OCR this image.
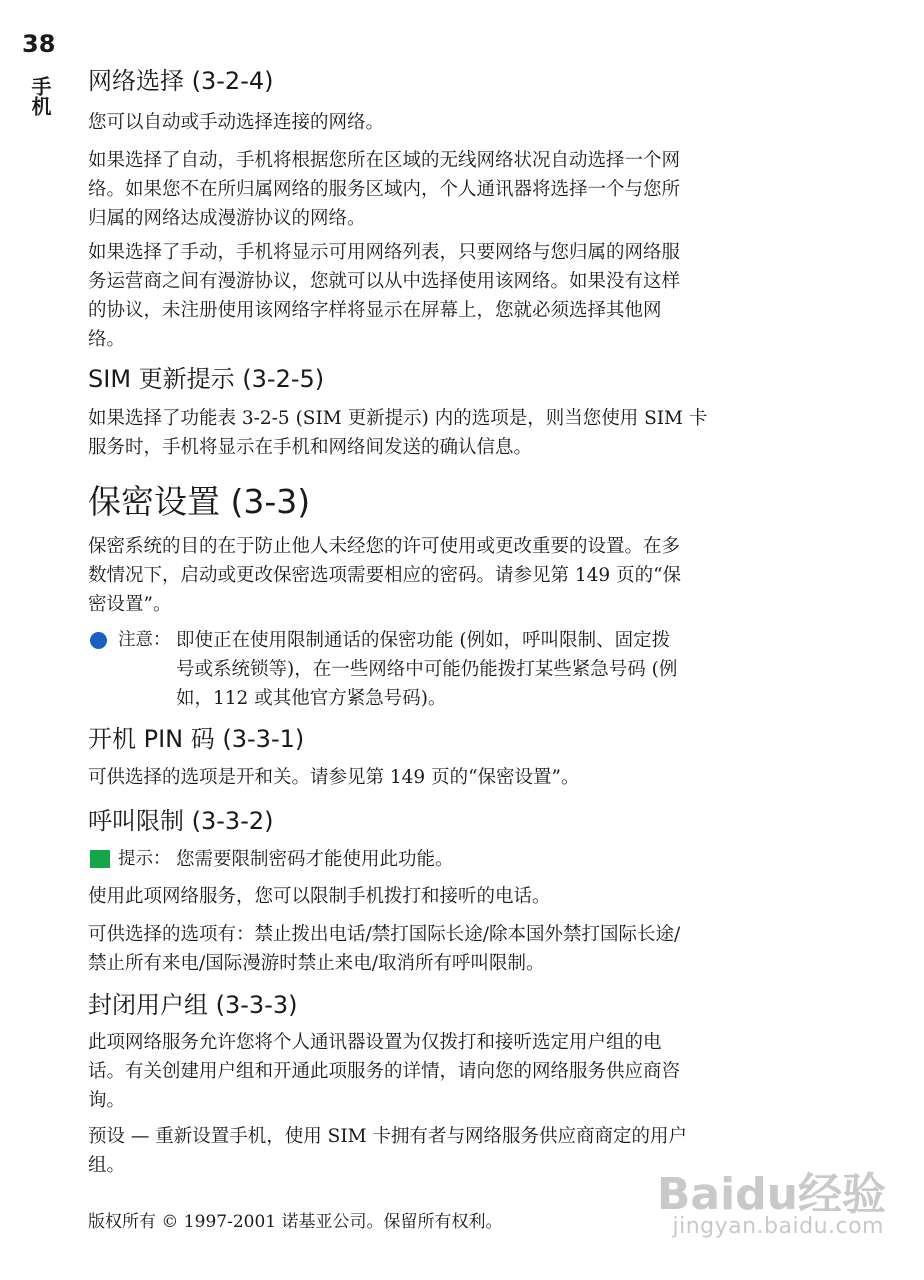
38
手机 网络选择 (3-2-4)
您可以自动或手动选择连接的网络。
如果选择了自动，手机将根据您所在区域的无线网络状况自动选择一个网
络。如果您不在所归属网络的服务区域内，个人通讯器将选择一个与您所
归属的网络达成漫游协议的网络。
如果选择了手动，手机将显示可用网络列表，只要网络与您归属的网络服
务运营商之间有漫游协议，您就可以从中选择使用该网络。如果没有这样
的协议，未注册使用该网络字样将显示在屏幕上，您就必须选择其他网
络。
SIM 更新提示 (3-2-5)
如果选择了功能表 3-2-5 (SIM 更新提示) 内的选项是，则当您使用 SIM 卡
服务时，手机将显示在手机和网络间发送的确认信息。
保密设置 (3-3)
保密系统的目的在于防止他人未经您的许可使用或更改重要的设置。在多
数情况下，启动或更改保密选项需要相应的密码。请参见第 149 页的“保
密设置”。
注意： 即使正在使用限制通话的保密功能 (例如，呼叫限制、固定拨
号或系统锁等)，在一些网络中可能仍能拨打某些紧急号码 (例
如，112 或其他官方紧急号码)。
开机 PIN 码 (3-3-1)
可供选择的选项是开和关。请参见第 149 页的“保密设置”。
呼叫限制 (3-3-2)
提示： 您需要限制密码才能使用此功能。
使用此项网络服务，您可以限制手机拨打和接听的电话。
可供选择的选项有：禁止拨出电话/禁打国际长途/除本国外禁打国际长途/
禁止所有来电/国际漫游时禁止来电/取消所有呼叫限制。
封闭用户组 (3-3-3)
此项网络服务允许您将个人通讯器设置为仅拨打和接听选定用户组的电
话。有关创建用户组和开通此项服务的详情，请向您的网络服务供应商咨
询。
预设 — 重新设置手机，使用 SIM 卡拥有者与网络服务供应商商定的用户
组。
版权所有 © 1997-2001 诺基亚公司。保留所有权利。
Baidu经验
jingyan.baidu.com
